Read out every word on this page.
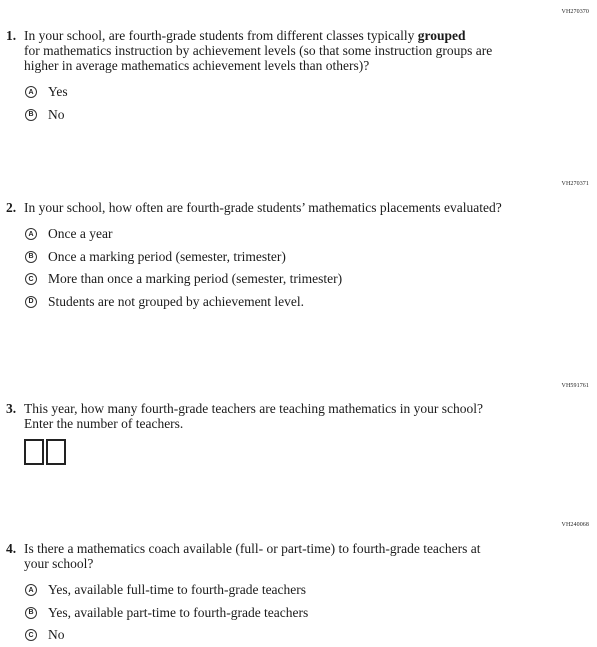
VH270370
1. In your school, are fourth-grade students from different classes typically grouped
for mathematics instruction by achievement levels (so that some instruction groups are higher in average mathematics achievement levels than others)?
A Yes
B No
VH270371
2. In your school, how often are fourth-grade students’ mathematics placements evaluated?
A Once a year
B Once a marking period (semester, trimester)
C More than once a marking period (semester, trimester)
D Students are not grouped by achievement level.
VH591761
3. This year, how many fourth-grade teachers are teaching mathematics in your school? Enter the number of teachers.
VH240068
4. Is there a mathematics coach available (full- or part-time) to fourth-grade teachers at your school?
A Yes, available full-time to fourth-grade teachers
B Yes, available part-time to fourth-grade teachers
C No
